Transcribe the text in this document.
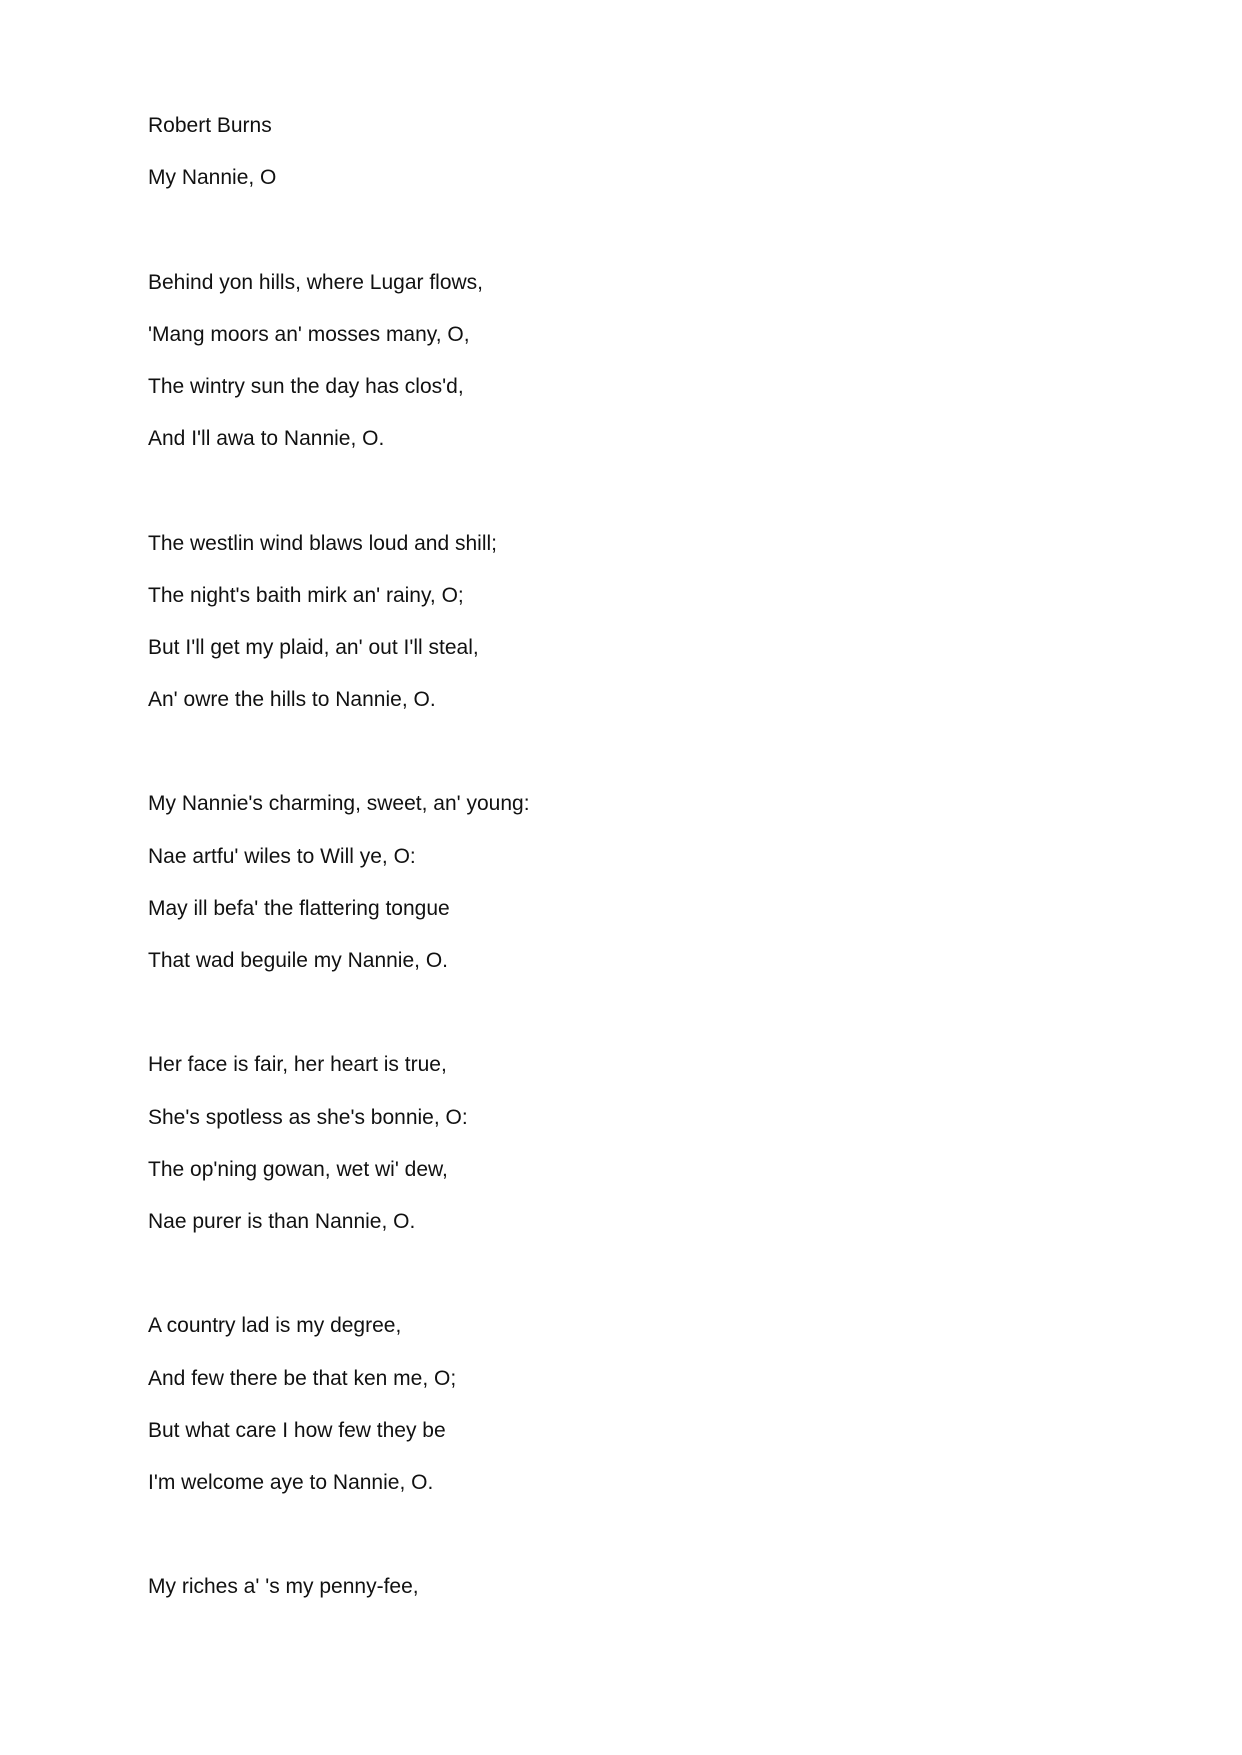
Robert Burns
My Nannie, O
Behind yon hills, where Lugar flows,
'Mang moors an' mosses many, O,
The wintry sun the day has clos'd,
And I'll awa to Nannie, O.
The westlin wind blaws loud and shill;
The night's baith mirk an' rainy, O;
But I'll get my plaid, an' out I'll steal,
An' owre the hills to Nannie, O.
My Nannie's charming, sweet, an' young:
Nae artfu' wiles to Will ye, O:
May ill befa' the flattering tongue
That wad beguile my Nannie, O.
Her face is fair, her heart is true,
She's spotless as she's bonnie, O:
The op'ning gowan, wet wi' dew,
Nae purer is than Nannie, O.
A country lad is my degree,
And few there be that ken me, O;
But what care I how few they be
I'm welcome aye to Nannie, O.
My riches a' 's my penny-fee,
